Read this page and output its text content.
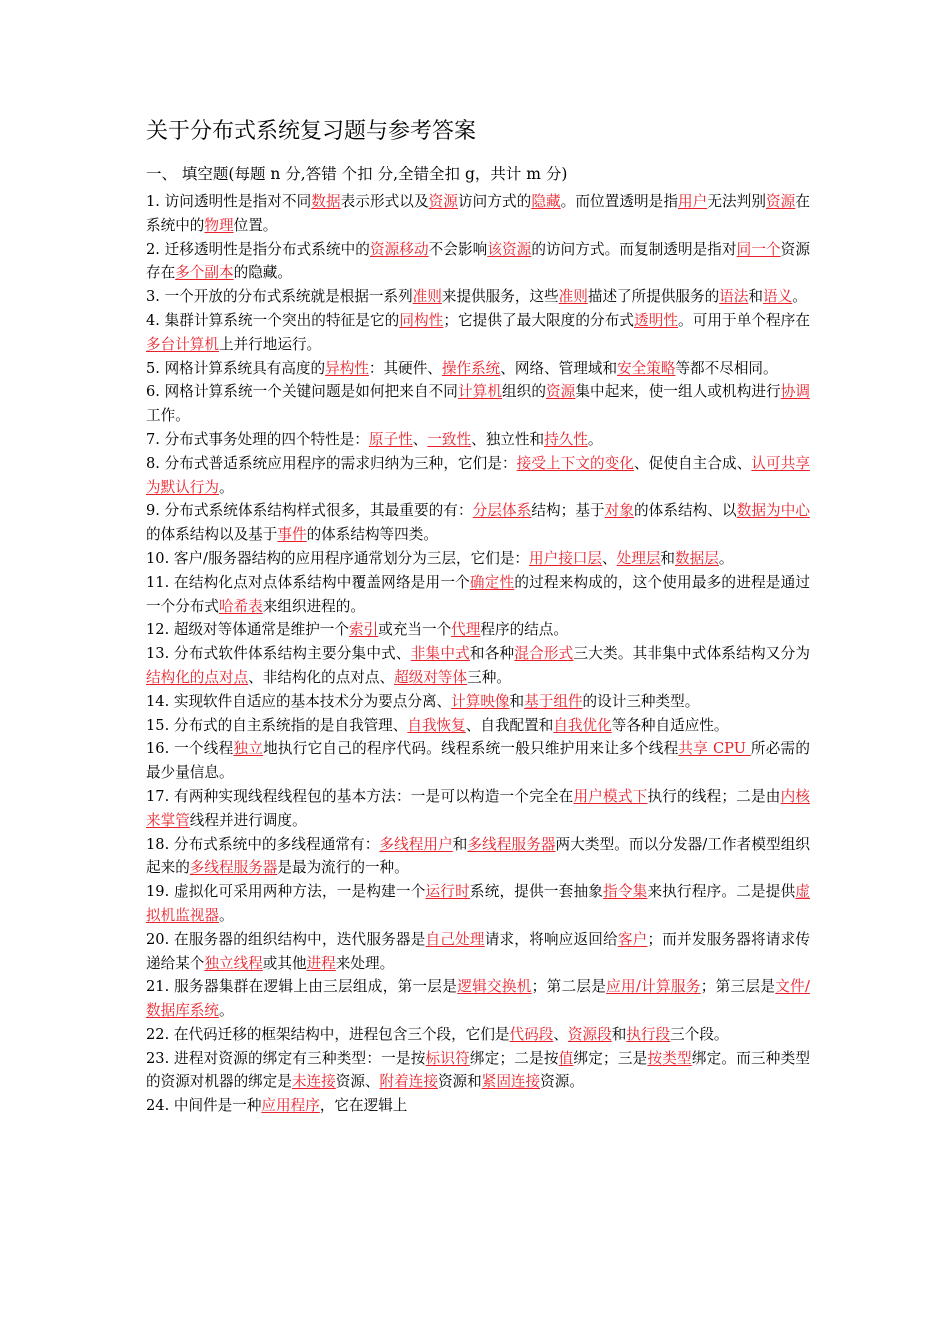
关于分布式系统复习题与参考答案
一、 填空题(每题 n 分,答错 个扣 分,全错全扣 g，共计 m 分)
1. 访问透明性是指对不同数据表示形式以及资源访问方式的隐藏。而位置透明是指用户无法判别资源在系统中的物理位置。
2. 迁移透明性是指分布式系统中的资源移动不会影响该资源的访问方式。而复制透明是指对同一个资源存在多个副本的隐藏。
3. 一个开放的分布式系统就是根据一系列准则来提供服务，这些准则描述了所提供服务的语法和语义。
4. 集群计算系统一个突出的特征是它的同构性；它提供了最大限度的分布式透明性。可用于单个程序在多台计算机上并行地运行。
5. 网格计算系统具有高度的异构性：其硬件、操作系统、网络、管理域和安全策略等都不尽相同。
6. 网格计算系统一个关键问题是如何把来自不同计算机组织的资源集中起来，使一组人或机构进行协调工作。
7. 分布式事务处理的四个特性是：原子性、一致性、独立性和持久性。
8. 分布式普适系统应用程序的需求归纳为三种，它们是：接受上下文的变化、促使自主合成、认可共享为默认行为。
9. 分布式系统体系结构样式很多，其最重要的有：分层体系结构；基于对象的体系结构、以数据为中心的体系结构以及基于事件的体系结构等四类。
10. 客户/服务器结构的应用程序通常划分为三层，它们是：用户接口层、处理层和数据层。
11. 在结构化点对点体系结构中覆盖网络是用一个确定性的过程来构成的，这个使用最多的进程是通过一个分布式哈希表来组织进程的。
12. 超级对等体通常是维护一个索引或充当一个代理程序的结点。
13. 分布式软件体系结构主要分集中式、非集中式和各种混合形式三大类。其非集中式体系结构又分为结构化的点对点、非结构化的点对点、超级对等体三种。
14. 实现软件自适应的基本技术分为要点分离、计算映像和基于组件的设计三种类型。
15. 分布式的自主系统指的是自我管理、自我恢复、自我配置和自我优化等各种自适应性。
16. 一个线程独立地执行它自己的程序代码。线程系统一般只维护用来让多个线程共享 CPU 所必需的最少量信息。
17. 有两种实现线程线程包的基本方法：一是可以构造一个完全在用户模式下执行的线程；二是由内核来掌管线程并进行调度。
18. 分布式系统中的多线程通常有：多线程用户和多线程服务器两大类型。而以分发器/工作者模型组织起来的多线程服务器是最为流行的一种。
19. 虚拟化可采用两种方法，一是构建一个运行时系统，提供一套抽象指令集来执行程序。二是提供虚拟机监视器。
20. 在服务器的组织结构中，迭代服务器是自己处理请求，将响应返回给客户；而并发服务器将请求传递给某个独立线程或其他进程来处理。
21. 服务器集群在逻辑上由三层组成，第一层是逻辑交换机；第二层是应用/计算服务；第三层是文件/数据库系统。
22. 在代码迁移的框架结构中，进程包含三个段，它们是代码段、资源段和执行段三个段。
23. 进程对资源的绑定有三种类型：一是按标识符绑定；二是按值绑定；三是按类型绑定。而三种类型的资源对机器的绑定是未连接资源、附着连接资源和紧固连接资源。
24. 中间件是一种应用程序，它在逻辑上
